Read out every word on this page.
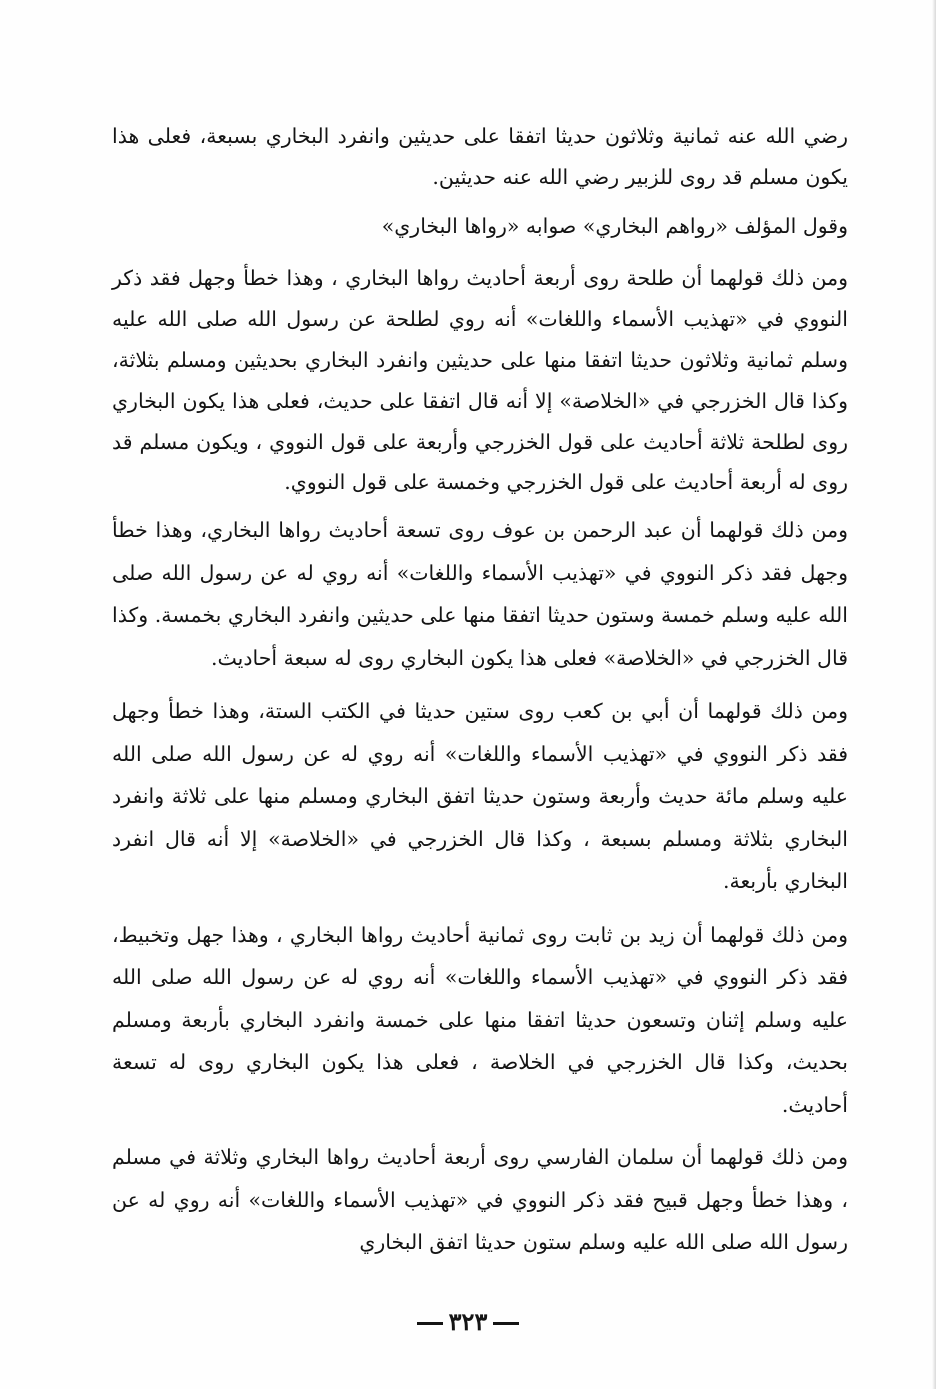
رضي الله عنه ثمانية وثلاثون حديثا اتفقا على حديثين وانفرد البخاري بسبعة، فعلى هذا يكون مسلم قد روى للزبير رضي الله عنه حديثين.

وقول المؤلف «رواهم البخاري» صوابه «رواها البخاري»

ومن ذلك قولهما أن طلحة روى أربعة أحاديث رواها البخاري ، وهذا خطأ وجهل فقد ذكر النووي في «تهذيب الأسماء واللغات» أنه روي لطلحة عن رسول الله صلى الله عليه وسلم ثمانية وثلاثون حديثا اتفقا منها على حديثين وانفرد البخاري بحديثين ومسلم بثلاثة، وكذا قال الخزرجي في «الخلاصة» إلا أنه قال اتفقا على حديث، فعلى هذا يكون البخاري روى لطلحة ثلاثة أحاديث على قول الخزرجي وأربعة على قول النووي ، ويكون مسلم قد روى له أربعة أحاديث على قول الخزرجي وخمسة على قول النووي.

ومن ذلك قولهما أن عبد الرحمن بن عوف روى تسعة أحاديث رواها البخاري، وهذا خطأ وجهل فقد ذكر النووي في «تهذيب الأسماء واللغات» أنه روي له عن رسول الله صلى الله عليه وسلم خمسة وستون حديثا اتفقا منها على حديثين وانفرد البخاري بخمسة. وكذا قال الخزرجي في «الخلاصة» فعلى هذا يكون البخاري روى له سبعة أحاديث.

ومن ذلك قولهما أن أبي بن كعب روى ستين حديثا في الكتب الستة، وهذا خطأ وجهل فقد ذكر النووي في «تهذيب الأسماء واللغات» أنه روي له عن رسول الله صلى الله عليه وسلم مائة حديث وأربعة وستون حديثا اتفق البخاري ومسلم منها على ثلاثة وانفرد البخاري بثلاثة ومسلم بسبعة ، وكذا قال الخزرجي في «الخلاصة» إلا أنه قال انفرد البخاري بأربعة.

ومن ذلك قولهما أن زيد بن ثابت روى ثمانية أحاديث رواها البخاري ، وهذا جهل وتخبيط، فقد ذكر النووي في «تهذيب الأسماء واللغات» أنه روي له عن رسول الله صلى الله عليه وسلم إثنان وتسعون حديثا اتفقا منها على خمسة وانفرد البخاري بأربعة ومسلم بحديث، وكذا قال الخزرجي في الخلاصة ، فعلى هذا يكون البخاري روى له تسعة أحاديث.

ومن ذلك قولهما أن سلمان الفارسي روى أربعة أحاديث رواها البخاري وثلاثة في مسلم ، وهذا خطأ وجهل قبيح فقد ذكر النووي في «تهذيب الأسماء واللغات» أنه روي له عن رسول الله صلى الله عليه وسلم ستون حديثا اتفق البخاري

٣٢٣
